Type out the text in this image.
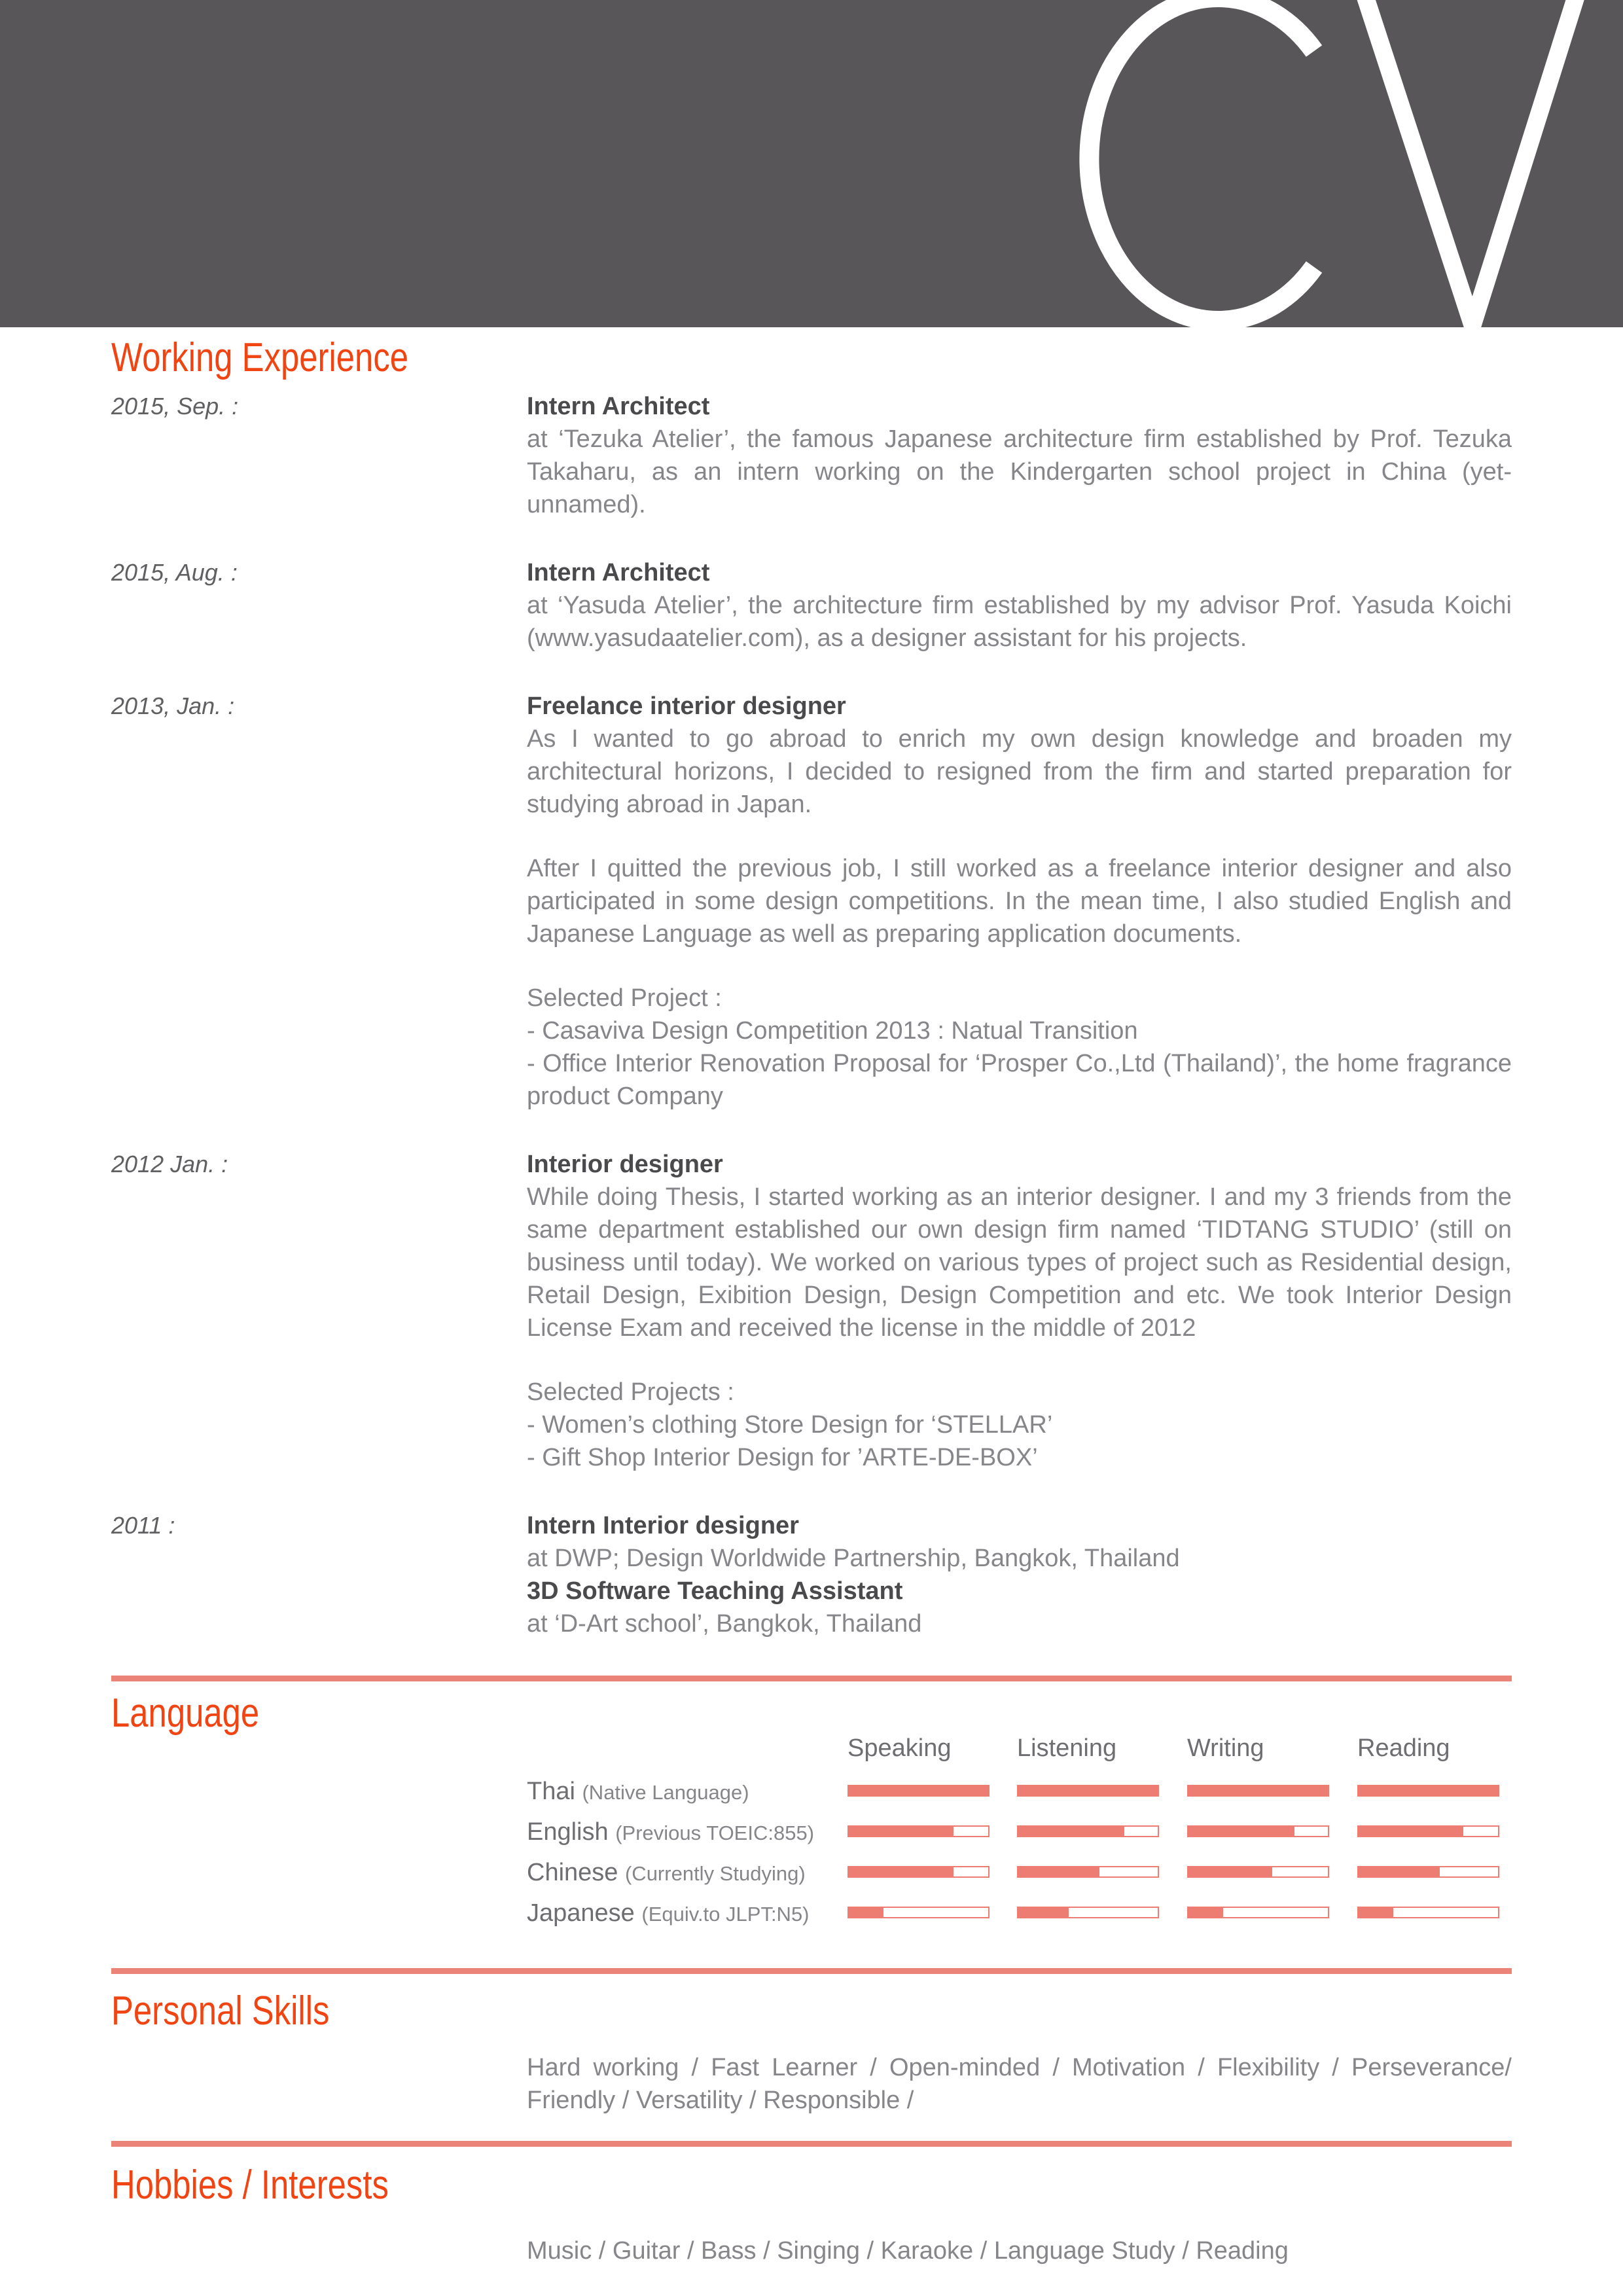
Working Experience
2015, Sep. :	Intern Architect
at ‘Tezuka Atelier’, the famous Japanese architecture firm established by Prof. Tezuka Takaharu, as an intern working on the Kindergarten school project in China (yet-unnamed).
2015, Aug. :	Intern Architect
at ‘Yasuda Atelier’, the architecture firm established by my advisor Prof. Yasuda Koichi (www.yasudaatelier.com), as a designer assistant for his projects.
2013, Jan. :	Freelance interior designer
As I wanted to go abroad to enrich my own design knowledge and broaden my architectural horizons, I decided to resigned from the firm and started preparation for studying abroad in Japan.
After I quitted the previous job, I still worked as a freelance interior designer and also participated in some design competitions. In the mean time, I also studied English and Japanese Language as well as preparing application documents.
Selected Project :
- Casaviva Design Competition 2013 : Natual Transition
- Office Interior Renovation Proposal for ‘Prosper Co.,Ltd (Thailand)’, the home fragrance product Company
2012 Jan. :	Interior designer
While doing Thesis, I started working as an interior designer. I and my 3 friends from the same department established our own design firm named ‘TIDTANG STUDIO’ (still on business until today). We worked on various types of project such as Residential design, Retail Design, Exibition Design, Design Competition and etc. We took Interior Design License Exam and received the license in the middle of 2012
Selected Projects :
- Women’s clothing Store Design for ‘STELLAR’
- Gift Shop Interior Design for ’ARTE-DE-BOX’
2011 :	Intern Interior designer
at DWP; Design Worldwide Partnership, Bangkok, Thailand
3D Software Teaching Assistant
at ‘D-Art school’, Bangkok, Thailand
Language
Speaking	Listening	Writing	Reading
Thai (Native Language)
English (Previous TOEIC:855)
Chinese (Currently Studying)
Japanese (Equiv.to JLPT:N5)
Personal Skills

Hard working / Fast Learner / Open-minded / Motivation / Flexibility / Perseverance/ Friendly / Versatility / Responsible /

Hobbies / Interests

Music / Guitar / Bass / Singing / Karaoke / Language Study / Reading
